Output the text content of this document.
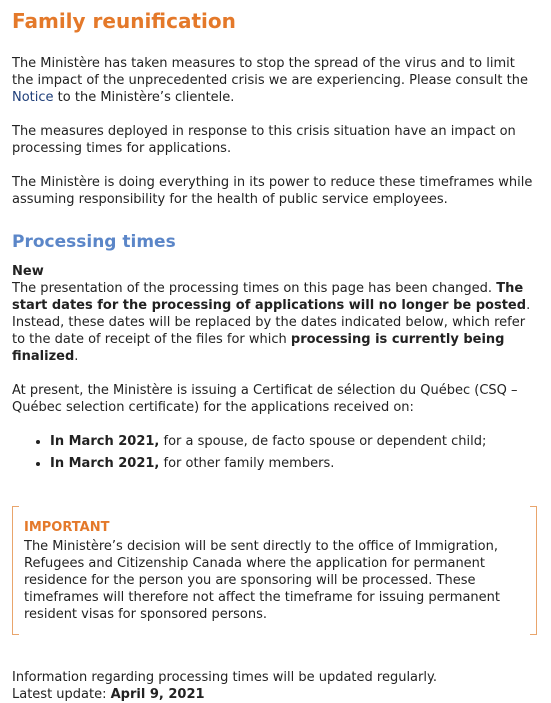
Family reunification

The Ministère has taken measures to stop the spread of the virus and to limit the impact of the unprecedented crisis we are experiencing. Please consult the Notice to the Ministère’s clientele.

The measures deployed in response to this crisis situation have an impact on processing times for applications.

The Ministère is doing everything in its power to reduce these timeframes while assuming responsibility for the health of public service employees.

Processing times

New
The presentation of the processing times on this page has been changed. The start dates for the processing of applications will no longer be posted. Instead, these dates will be replaced by the dates indicated below, which refer to the date of receipt of the files for which processing is currently being finalized.

At present, the Ministère is issuing a Certificat de sélection du Québec (CSQ – Québec selection certificate) for the applications received on:

• In March 2021, for a spouse, de facto spouse or dependent child;
• In March 2021, for other family members.
IMPORTANT

The Ministère’s decision will be sent directly to the office of Immigration, Refugees and Citizenship Canada where the application for permanent residence for the person you are sponsoring will be processed. These timeframes will therefore not affect the timeframe for issuing permanent resident visas for sponsored persons.

Information regarding processing times will be updated regularly.

Latest update: April 9, 2021
